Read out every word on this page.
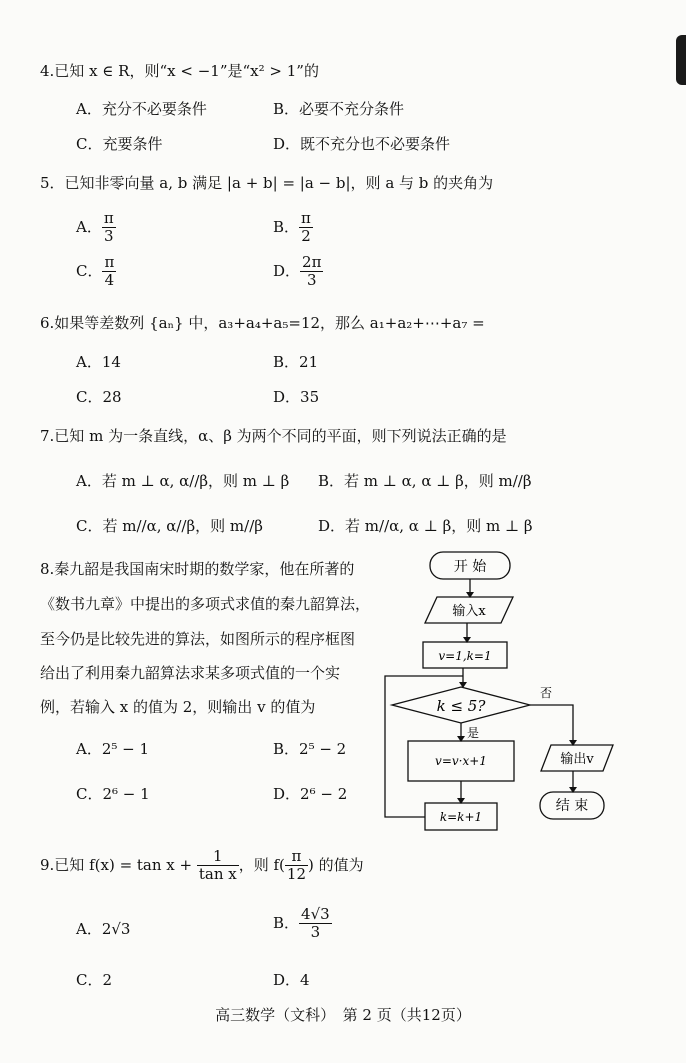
4.已知 x ∈ R，则“x < −1”是“x² > 1”的
A．充分不必要条件	B．必要不充分条件
C．充要条件	D．既不充分也不必要条件
5．已知非零向量 a, b 满足 |a + b| = |a − b|，则 a 与 b 的夹角为
A． $\frac{\pi}{3}$	B． $\frac{\pi}{2}$
C． $\frac{\pi}{4}$	D． $\frac{2\pi}{3}$
6.如果等差数列 {aₙ} 中，a₃+a₄+a₅=12，那么 a₁+a₂+⋯+a₇ =
A．14	B．21
C．28	D．35
7.已知 m 为一条直线，α、β 为两个不同的平面，则下列说法正确的是
A．若 m ⊥ α, α//β，则 m ⊥ β B．若 m ⊥ α, α ⊥ β，则 m//β
C．若 m//α, α//β，则 m//β	D．若 m//α, α ⊥ β，则 m ⊥ β
8.秦九韶是我国南宋时期的数学家，他在所著的
《数书九章》中提出的多项式求值的秦九韶算法，
至今仍是比较先进的算法，如图所示的程序框图
给出了利用秦九韶算法求某多项式值的一个实
例，若输入 x 的值为 2，则输出 v 的值为
A．2⁵ − 1	B．2⁵ − 2
C．2⁶ − 1	D．2⁶ − 2
开 始
输入x
v=1,k=1
k ≤ 5?
是
否
v=v·x+1	输出v
k=k+1
结 束
9.已知 $f(x) = \tan x + \frac{1}{\text{tan x}}$ ，则 $f( \frac{\pi}{12}$ ) 的值为
A．2√3	B． $\frac{4√3}{3}$
C．2	D．4
高三数学（文科）　第 2 页（共12页）
